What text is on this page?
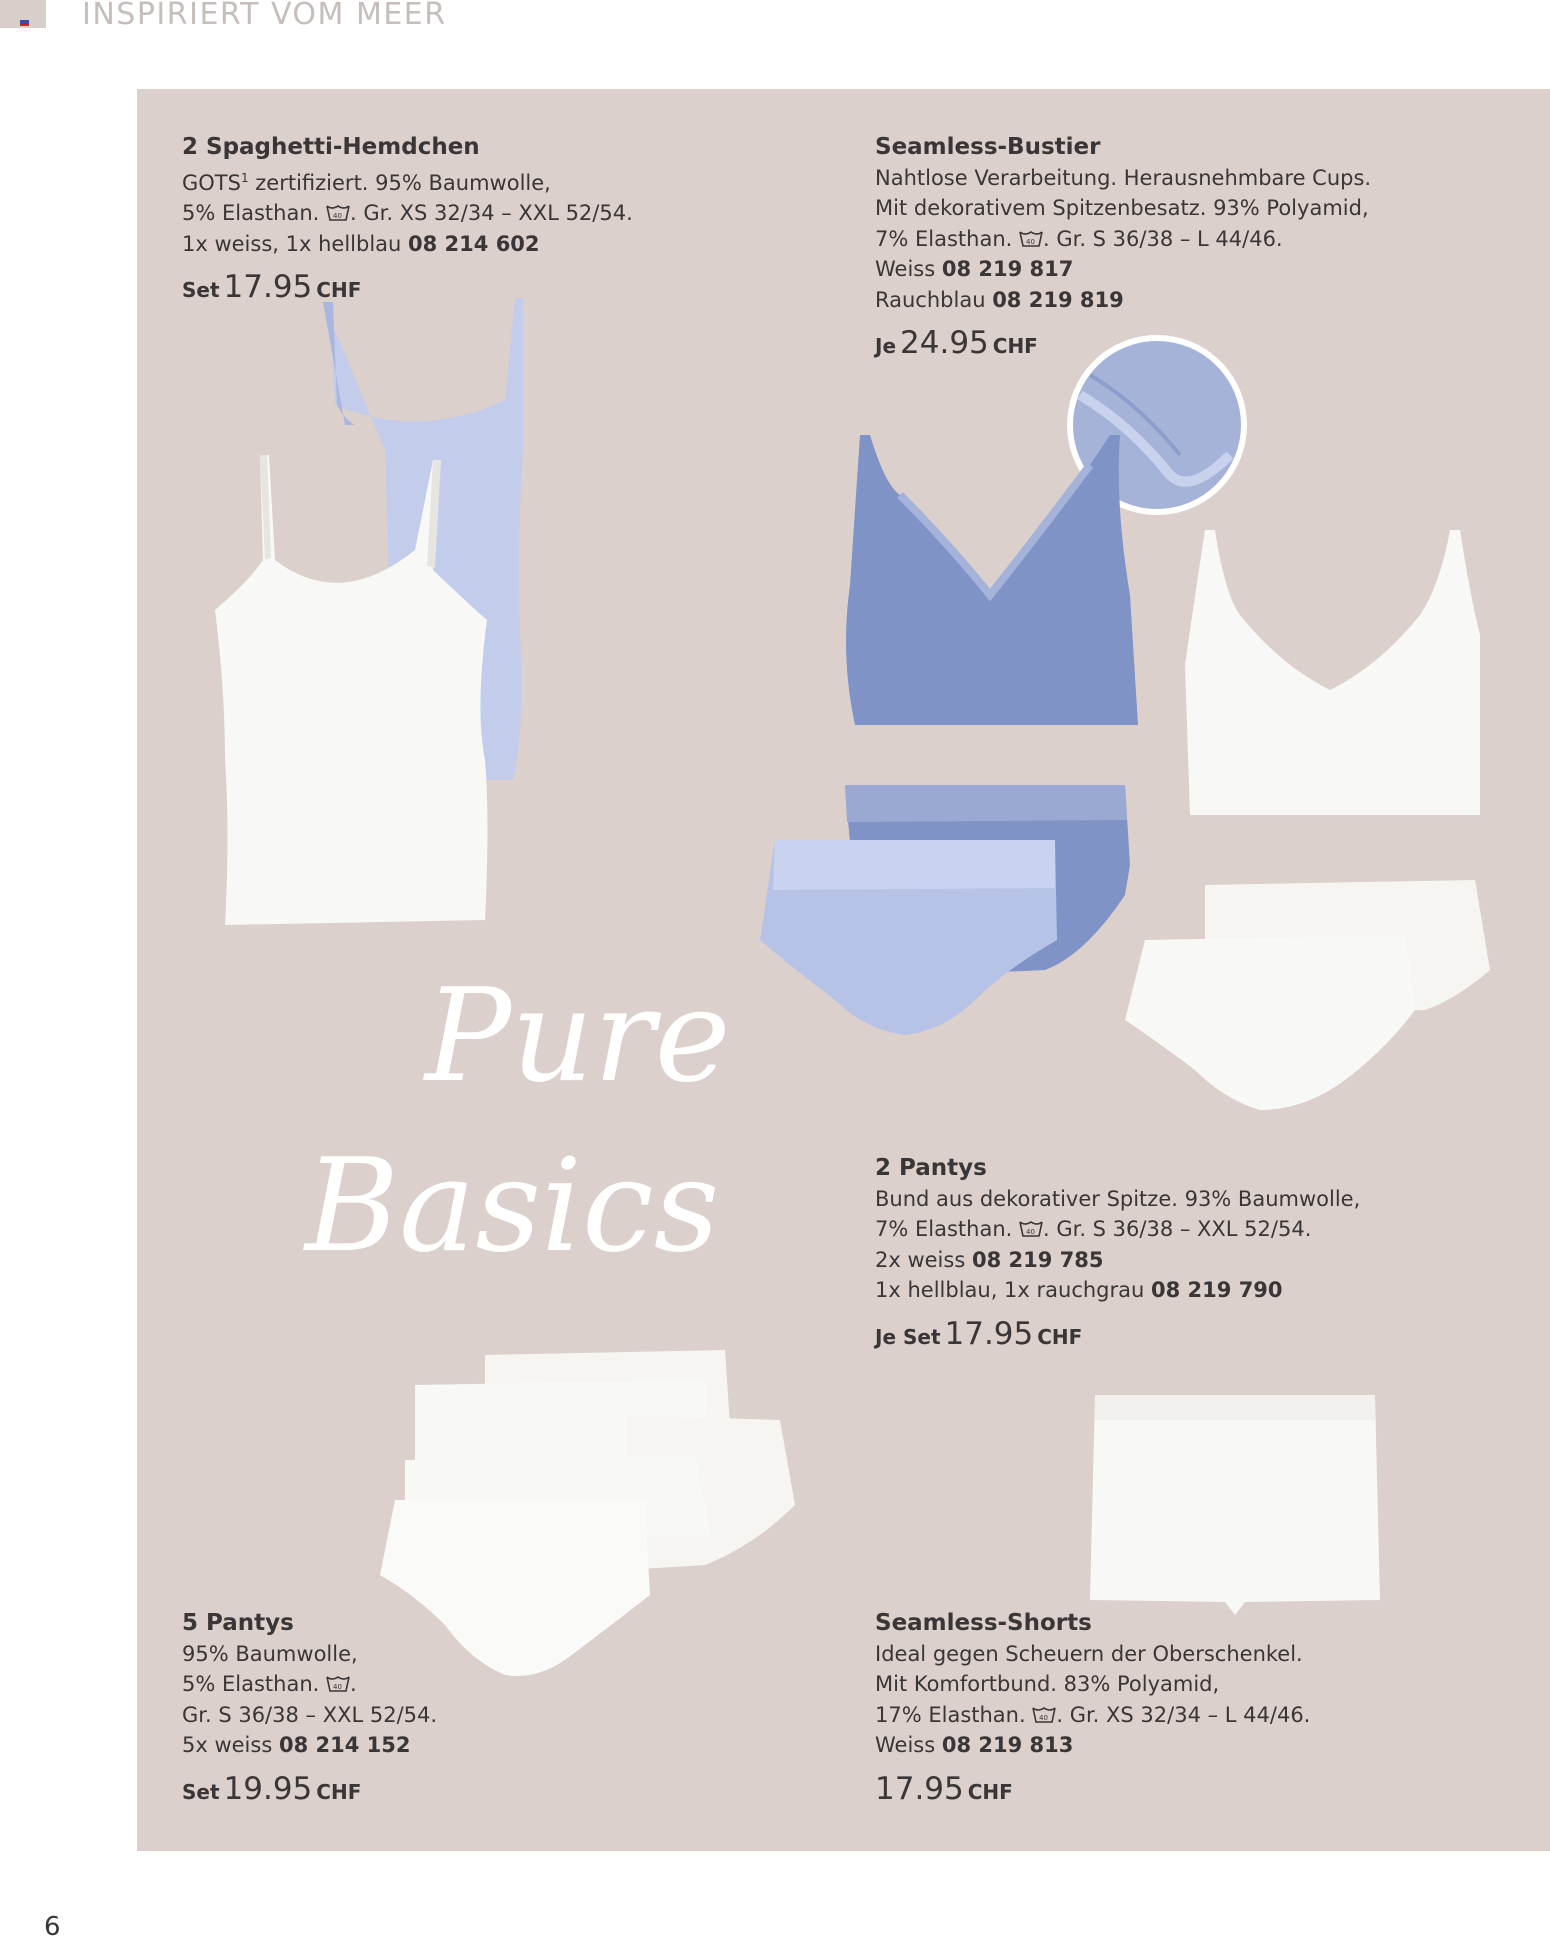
INSPIRIERT VOM MEER
Pure
Basics
2 Spaghetti-Hemdchen
GOTS$^1$ zertifiziert. 95% Baumwolle,
5% Elasthan. 40 . Gr. XS 32/34 – XXL 52/54.
1x weiss, 1x hellblau 08 214 602
Set 17.95 CHF
Seamless-Bustier
Nahtlose Verarbeitung. Herausnehmbare Cups.
Mit dekorativem Spitzenbesatz. 93% Polyamid,
7% Elasthan. 40 . Gr. S 36/38 – L 44/46.
Weiss 08 219 817
Rauchblau 08 219 819
Je 24.95 CHF
2 Pantys
Bund aus dekorativer Spitze. 93% Baumwolle,
7% Elasthan. 40 . Gr. S 36/38 – XXL 52/54.
2x weiss 08 219 785
1x hellblau, 1x rauchgrau 08 219 790
Je Set 17.95 CHF
5 Pantys
95% Baumwolle,
5% Elasthan. 40 .
Gr. S 36/38 – XXL 52/54.
5x weiss 08 214 152
Set 19.95 CHF
Seamless-Shorts
Ideal gegen Scheuern der Oberschenkel.
Mit Komfortbund. 83% Polyamid,
17% Elasthan. 40 . Gr. XS 32/34 – L 44/46.
Weiss 08 219 813
17.95 CHF
6
